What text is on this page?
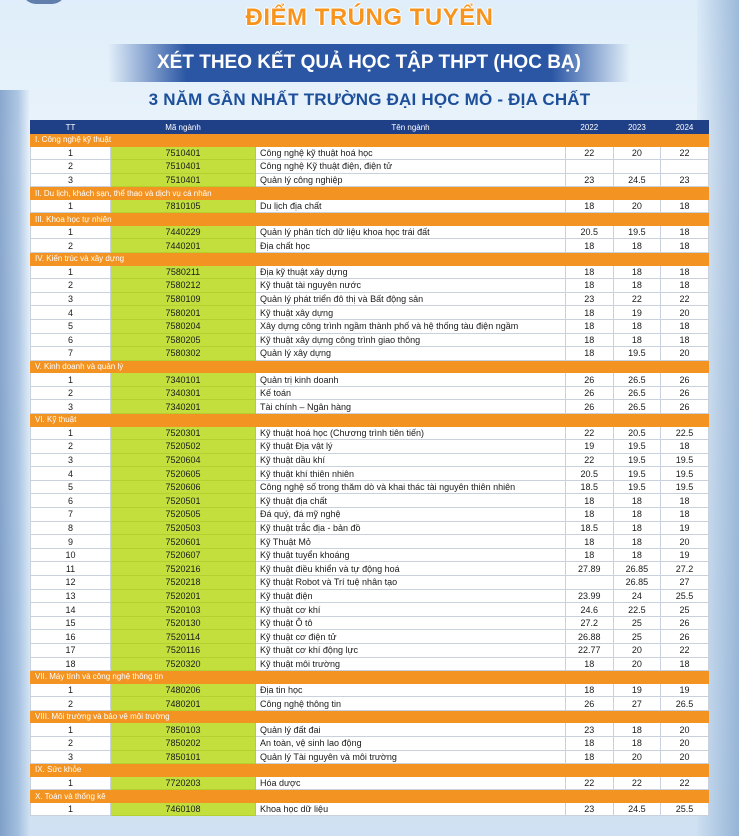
ĐIỂM TRÚNG TUYỂN
XÉT THEO KẾT QUẢ HỌC TẬP THPT (HỌC BẠ)
3 NĂM GẦN NHẤT TRƯỜNG ĐẠI HỌC MỎ - ĐỊA CHẤT
TT	Mã ngành	Tên ngành	2022	2023	2024
I. Công nghệ kỹ thuật					
1	7510401	Công nghệ kỹ thuật hoá học	22	20	22
2	7510401	Công nghệ Kỹ thuật điện, điện tử			
3	7510401	Quản lý công nghiệp	23	24.5	23
II. Du lịch, khách sạn, thể thao và dịch vụ cá nhân					
1	7810105	Du lịch địa chất	18	20	18
III. Khoa học tự nhiên					
1	7440229	Quản lý phân tích dữ liệu khoa học trái đất	20.5	19.5	18
2	7440201	Địa chất học	18	18	18
IV. Kiến trúc và xây dựng					
1	7580211	Địa kỹ thuật xây dựng	18	18	18
2	7580212	Kỹ thuật tài nguyên nước	18	18	18
3	7580109	Quản lý phát triển đô thị và Bất động sản	23	22	22
4	7580201	Kỹ thuật xây dựng	18	19	20
5	7580204	Xây dựng công trình ngầm thành phố và hệ thống tàu điện ngầm	18	18	18
6	7580205	Kỹ thuật xây dựng công trình giao thông	18	18	18
7	7580302	Quản lý xây dựng	18	19.5	20
V. Kinh doanh và quản lý					
1	7340101	Quản trị kinh doanh	26	26.5	26
2	7340301	Kế toán	26	26.5	26
3	7340201	Tài chính – Ngân hàng	26	26.5	26
VI. Kỹ thuật					
1	7520301	Kỹ thuật hoá học (Chương trình tiên tiến)	22	20.5	22.5
2	7520502	Kỹ thuật Địa vật lý	19	19.5	18
3	7520604	Kỹ thuật dầu khí	22	19.5	19.5
4	7520605	Kỹ thuật khí thiên nhiên	20.5	19.5	19.5
5	7520606	Công nghệ số trong thăm dò và khai thác tài nguyên thiên nhiên	18.5	19.5	19.5
6	7520501	Kỹ thuật địa chất	18	18	18
7	7520505	Đá quý, đá mỹ nghệ	18	18	18
8	7520503	Kỹ thuật trắc địa - bản đồ	18.5	18	19
9	7520601	Kỹ Thuật Mỏ	18	18	20
10	7520607	Kỹ thuật tuyển khoáng	18	18	19
11	7520216	Kỹ thuật điều khiển và tự động hoá	27.89	26.85	27.2
12	7520218	Kỹ thuật Robot và Trí tuệ nhân tạo		26.85	27
13	7520201	Kỹ thuật điện	23.99	24	25.5
14	7520103	Kỹ thuật cơ khí	24.6	22.5	25
15	7520130	Kỹ thuật Ô tô	27.2	25	26
16	7520114	Kỹ thuật cơ điện tử	26.88	25	26
17	7520116	Kỹ thuật cơ khí động lực	22.77	20	22
18	7520320	Kỹ thuật môi trường	18	20	18
VII. Máy tính và công nghệ thông tin					
1	7480206	Địa tin học	18	19	19
2	7480201	Công nghệ thông tin	26	27	26.5
VIII. Môi trường và bảo vệ môi trường					
1	7850103	Quản lý đất đai	23	18	20
2	7850202	An toàn, vệ sinh lao động	18	18	20
3	7850101	Quản lý Tài nguyên và môi trường	18	20	20
IX. Sức khỏe					
1	7720203	Hóa dược	22	22	22
X. Toán và thống kê					
1	7460108	Khoa học dữ liệu	23	24.5	25.5
